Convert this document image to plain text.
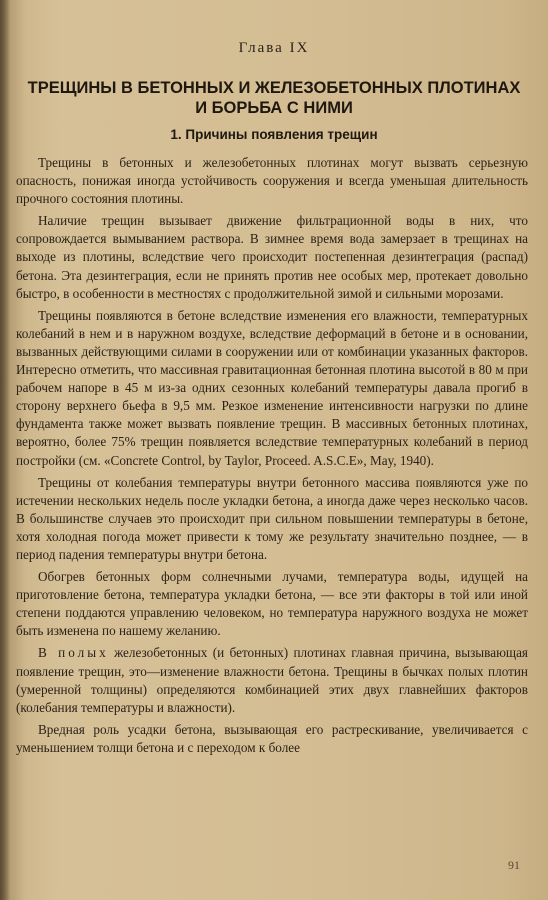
Глава IX
ТРЕЩИНЫ В БЕТОННЫХ И ЖЕЛЕЗОБЕТОННЫХ ПЛОТИНАХ
И БОРЬБА С НИМИ
1. Причины появления трещин

Трещины в бетонных и железобетонных плотинах могут вызвать серьезную опасность, понижая иногда устойчивость сооружения и всегда уменьшая длительность прочного состояния плотины.

Наличие трещин вызывает движение фильтрационной воды в них, что сопровождается вымыванием раствора. В зимнее время вода замерзает в трещинах на выходе из плотины, вследствие чего происходит постепенная дезинтеграция (распад) бетона. Эта дезинтеграция, если не принять против нее особых мер, протекает довольно быстро, в особенности в местностях с продолжительной зимой и сильными морозами.

Трещины появляются в бетоне вследствие изменения его влажности, температурных колебаний в нем и в наружном воздухе, вследствие деформаций в бетоне и в основании, вызванных действующими силами в сооружении или от комбинации указанных факторов. Интересно отметить, что массивная гравитационная бетонная плотина высотой в 80 м при рабочем напоре в 45 м из-за одних сезонных колебаний температуры давала прогиб в сторону верхнего бьефа в 9,5 мм. Резкое изменение интенсивности нагрузки по длине фундамента также может вызвать появление трещин. В массивных бетонных плотинах, вероятно, более 75% трещин появляется вследствие температурных колебаний в период постройки (см. «Concrete Control, by Taylor, Proceed. A.S.C.E», May, 1940).

Трещины от колебания температуры внутри бетонного массива появляются уже по истечении нескольких недель после укладки бетона, а иногда даже через несколько часов. В большинстве случаев это происходит при сильном повышении температуры в бетоне, хотя холодная погода может привести к тому же результату значительно позднее, — в период падения температуры внутри бетона.

Обогрев бетонных форм солнечными лучами, температура воды, идущей на приготовление бетона, температура укладки бетона, — все эти факторы в той или иной степени поддаются управлению человеком, но температура наружного воздуха не может быть изменена по нашему желанию.

В полых железобетонных (и бетонных) плотинах главная причина, вызывающая появление трещин, это—изменение влажности бетона. Трещины в бычках полых плотин (умеренной толщины) определяются комбинацией этих двух главнейших факторов (колебания температуры и влажности).

Вредная роль усадки бетона, вызывающая его растрескивание, увеличивается с уменьшением толщи бетона и с переходом к более

91
